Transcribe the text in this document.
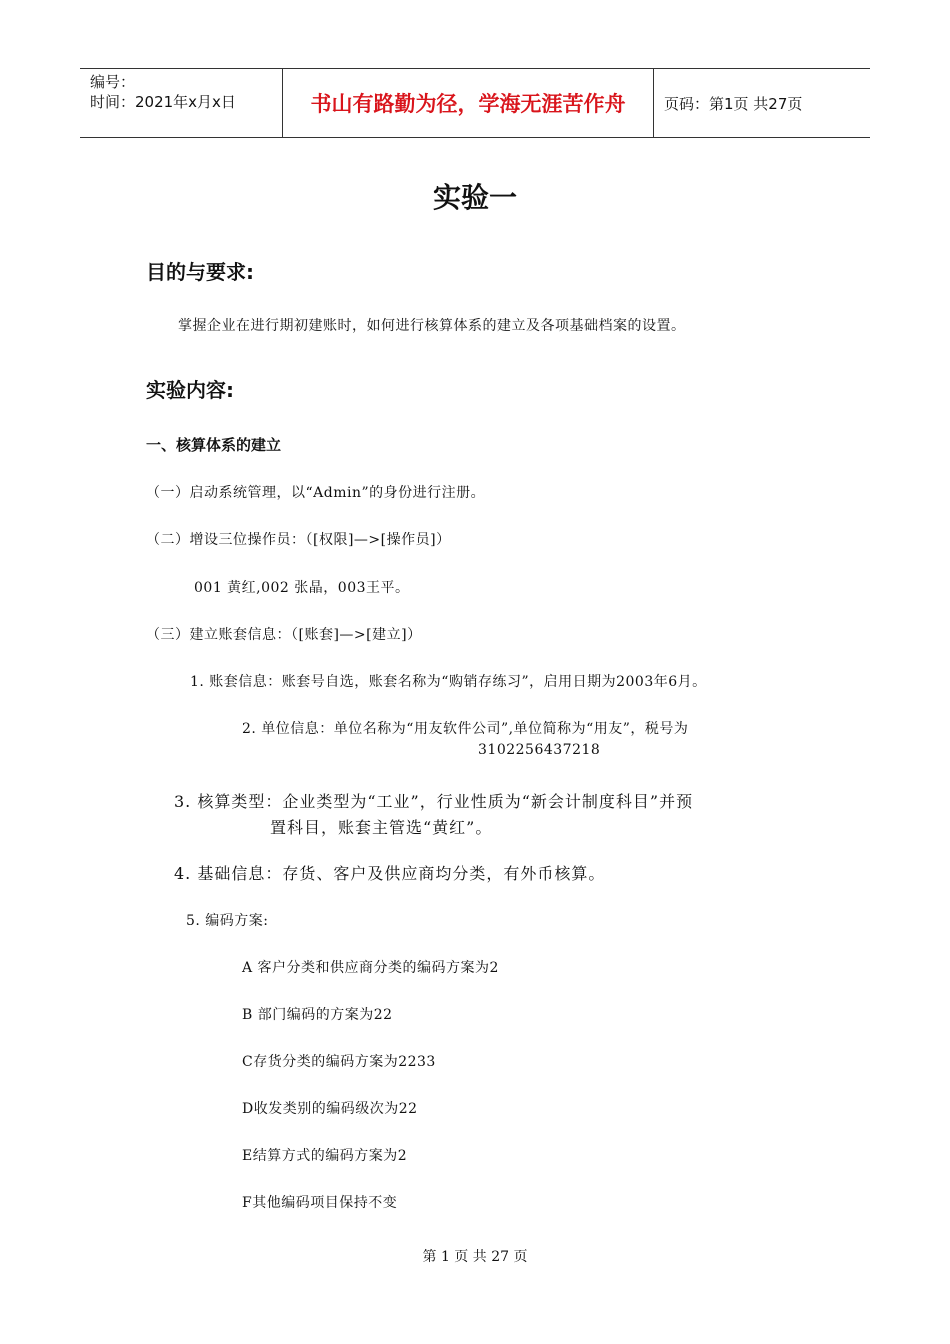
编号：
时间：2021年x月x日	书山有路勤为径，学海无涯苦作舟	页码：第1页 共27页
实验一
目的与要求:
掌握企业在进行期初建账时，如何进行核算体系的建立及各项基础档案的设置。
实验内容:
一、核算体系的建立
（一）启动系统管理，以“Admin”的身份进行注册。
（二）增设三位操作员：（[权限]—>[操作员]）
001 黄红,002 张晶，003王平。
（三）建立账套信息：（[账套]—>[建立]）
1. 账套信息：账套号自选，账套名称为“购销存练习”，启用日期为2003年6月。
2. 单位信息：单位名称为“用友软件公司”,单位简称为“用友”，税号为
3102256437218
3. 核算类型：企业类型为“工业”，行业性质为“新会计制度科目”并预
置科目，账套主管选“黄红”。
4. 基础信息：存货、客户及供应商均分类，有外币核算。
5. 编码方案:
A 客户分类和供应商分类的编码方案为2
B 部门编码的方案为22
C存货分类的编码方案为2233
D收发类别的编码级次为22
E结算方式的编码方案为2
F其他编码项目保持不变
第 1 页 共 27 页
